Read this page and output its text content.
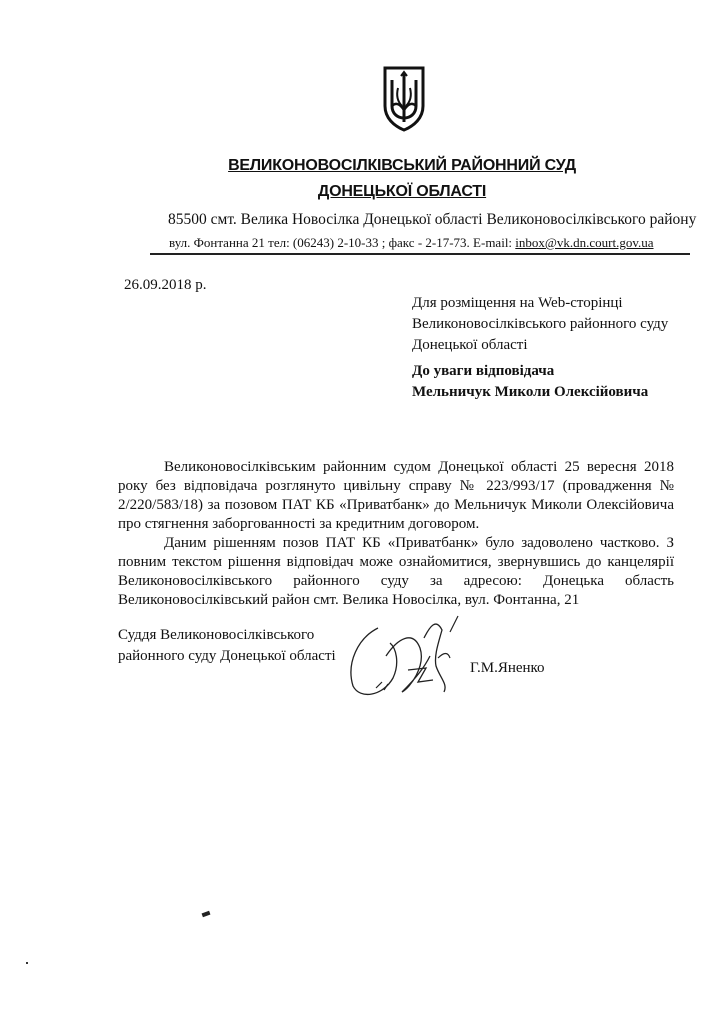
ВЕЛИКОНОВОСІЛКІВСЬКИЙ РАЙОННИЙ СУД
ДОНЕЦЬКОЇ ОБЛАСТІ
85500 смт. Велика Новосілка Донецької області Великоновосілківського району
вул. Фонтанна 21 тел: (06243) 2-10-33 ; факс - 2-17-73. E-mail: inbox@vk.dn.court.gov.ua
26.09.2018 р.
Для розміщення на Web-сторінці
Великоновосілківського районного суду
Донецької області
До уваги відповідача
Мельничук Миколи Олексійовича

Великоновосілківським районним судом Донецької області 25 вересня 2018 року без відповідача розглянуто цивільну справу № 223/993/17 (провадження № 2/220/583/18) за позовом ПАТ КБ «Приватбанк» до Мельничук Миколи Олексійовича про стягнення заборгованності за кредитним договором.

Даним рішенням позов ПАТ КБ «Приватбанк» було задоволено частково. З повним текстом рішення відповідач може ознайомитися, звернувшись до канцелярії Великоновосілківського районного суду за адресою: Донецька область Великоновосілківський район смт. Велика Новосілка, вул. Фонтанна, 21

Суддя Великоновосілківського
районного суду Донецької області
Г.М.Яненко
